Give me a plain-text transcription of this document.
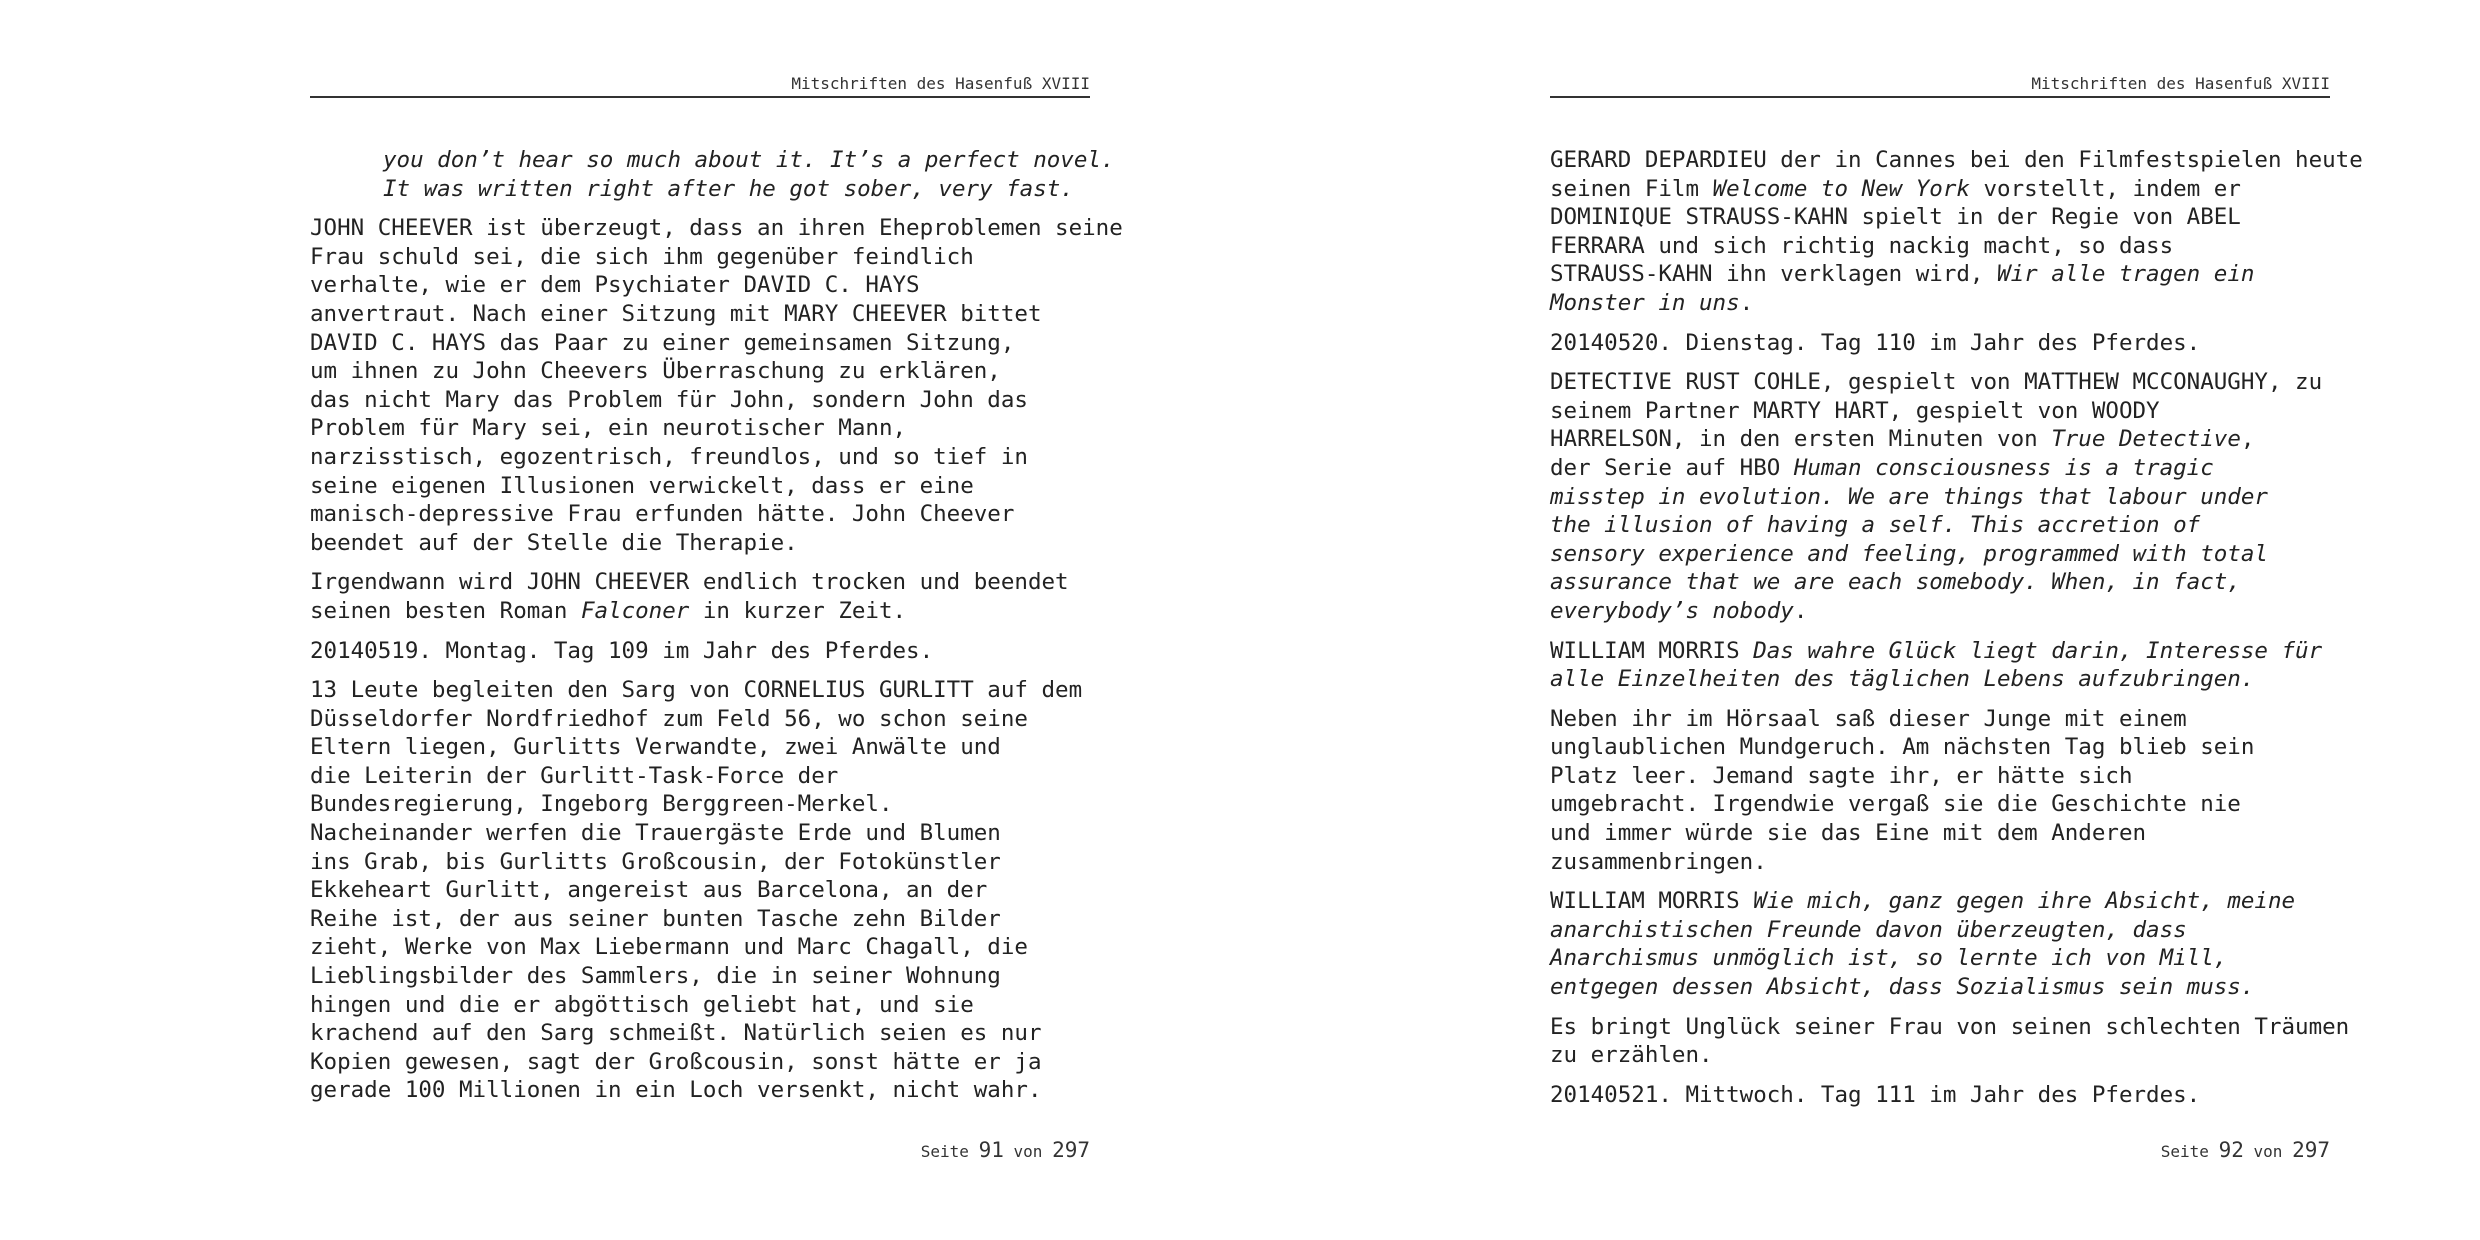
Mitschriften des Hasenfuß XVIII
you don’t hear so much about it. It’s a perfect novel.
It was written right after he got sober, very fast.
JOHN CHEEVER ist überzeugt, dass an ihren Eheproblemen seine
Frau schuld sei, die sich ihm gegenüber feindlich
verhalte, wie er dem Psychiater DAVID C. HAYS
anvertraut. Nach einer Sitzung mit MARY CHEEVER bittet
DAVID C. HAYS das Paar zu einer gemeinsamen Sitzung,
um ihnen zu John Cheevers Überraschung zu erklären,
das nicht Mary das Problem für John, sondern John das
Problem für Mary sei, ein neurotischer Mann,
narzisstisch, egozentrisch, freundlos, und so tief in
seine eigenen Illusionen verwickelt, dass er eine
manisch-depressive Frau erfunden hätte. John Cheever
beendet auf der Stelle die Therapie.
Irgendwann wird JOHN CHEEVER endlich trocken und beendet
seinen besten Roman Falconer in kurzer Zeit.
20140519. Montag. Tag 109 im Jahr des Pferdes.
13 Leute begleiten den Sarg von CORNELIUS GURLITT auf dem
Düsseldorfer Nordfriedhof zum Feld 56, wo schon seine
Eltern liegen, Gurlitts Verwandte, zwei Anwälte und
die Leiterin der Gurlitt-Task-Force der
Bundesregierung, Ingeborg Berggreen-Merkel.
Nacheinander werfen die Trauergäste Erde und Blumen
ins Grab, bis Gurlitts Großcousin, der Fotokünstler
Ekkeheart Gurlitt, angereist aus Barcelona, an der
Reihe ist, der aus seiner bunten Tasche zehn Bilder
zieht, Werke von Max Liebermann und Marc Chagall, die
Lieblingsbilder des Sammlers, die in seiner Wohnung
hingen und die er abgöttisch geliebt hat, und sie
krachend auf den Sarg schmeißt. Natürlich seien es nur
Kopien gewesen, sagt der Großcousin, sonst hätte er ja
gerade 100 Millionen in ein Loch versenkt, nicht wahr.
Seite 91 von 297
Mitschriften des Hasenfuß XVIII
GERARD DEPARDIEU der in Cannes bei den Filmfestspielen heute
seinen Film Welcome to New York vorstellt, indem er
DOMINIQUE STRAUSS-KAHN spielt in der Regie von ABEL
FERRARA und sich richtig nackig macht, so dass
STRAUSS-KAHN ihn verklagen wird, Wir alle tragen ein
Monster in uns.
20140520. Dienstag. Tag 110 im Jahr des Pferdes.
DETECTIVE RUST COHLE, gespielt von MATTHEW MCCONAUGHY, zu
seinem Partner MARTY HART, gespielt von WOODY
HARRELSON, in den ersten Minuten von True Detective,
der Serie auf HBO Human consciousness is a tragic
misstep in evolution. We are things that labour under
the illusion of having a self. This accretion of
sensory experience and feeling, programmed with total
assurance that we are each somebody. When, in fact,
everybody’s nobody.
WILLIAM MORRIS Das wahre Glück liegt darin, Interesse für
alle Einzelheiten des täglichen Lebens aufzubringen.
Neben ihr im Hörsaal saß dieser Junge mit einem
unglaublichen Mundgeruch. Am nächsten Tag blieb sein
Platz leer. Jemand sagte ihr, er hätte sich
umgebracht. Irgendwie vergaß sie die Geschichte nie
und immer würde sie das Eine mit dem Anderen
zusammenbringen.
WILLIAM MORRIS Wie mich, ganz gegen ihre Absicht, meine
anarchistischen Freunde davon überzeugten, dass
Anarchismus unmöglich ist, so lernte ich von Mill,
entgegen dessen Absicht, dass Sozialismus sein muss.
Es bringt Unglück seiner Frau von seinen schlechten Träumen
zu erzählen.
20140521. Mittwoch. Tag 111 im Jahr des Pferdes.
Seite 92 von 297
